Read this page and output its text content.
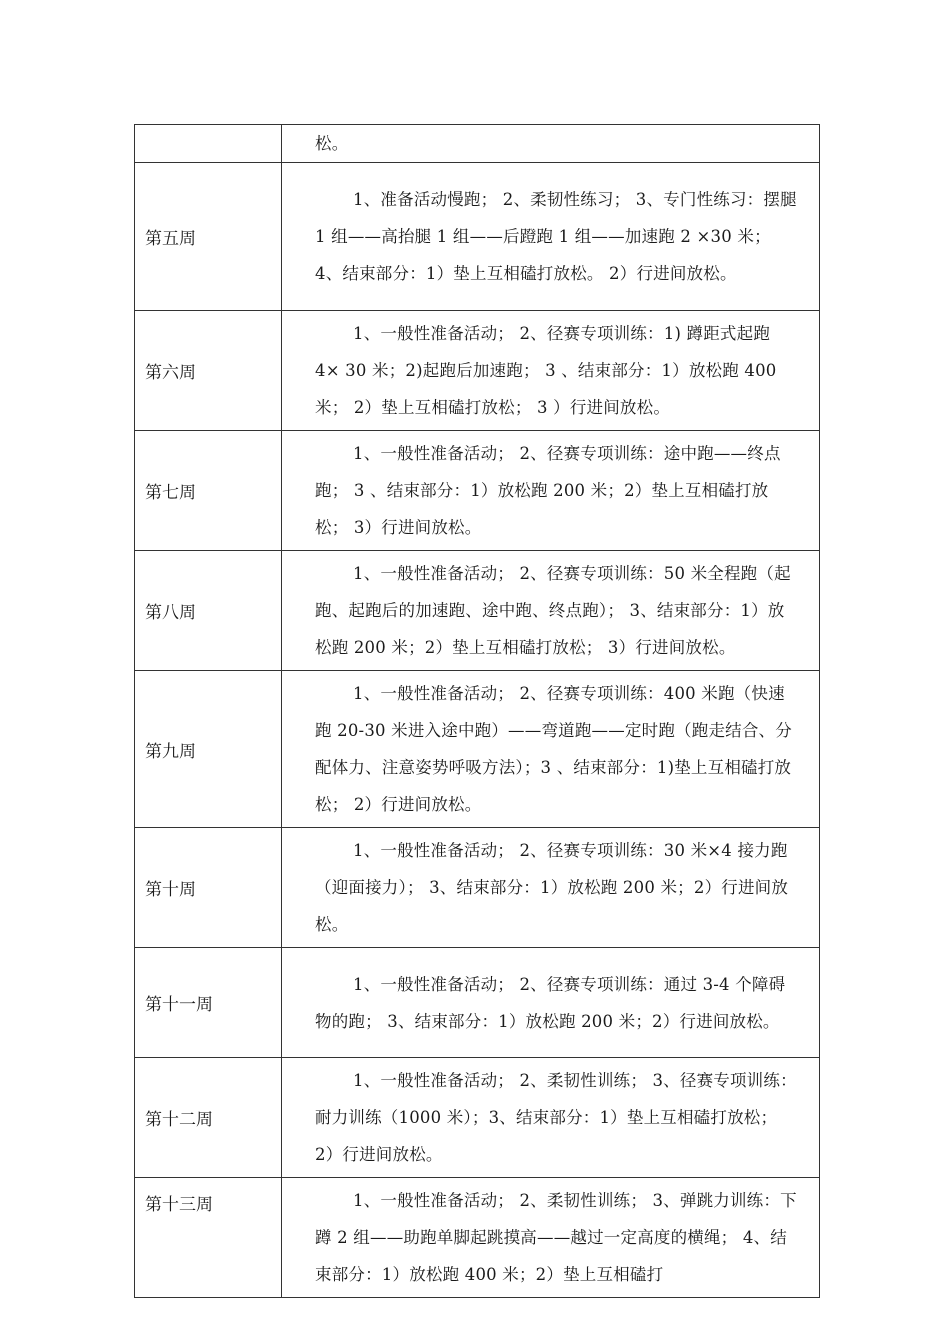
	松。
第五周	1、准备活动慢跑； 2、柔韧性练习； 3、专门性练习：摆腿 1 组——高抬腿 1 组——后蹬跑 1 组——加速跑 2 ×30 米； 4、结束部分：1）垫上互相磕打放松。 2）行进间放松。
第六周	1、一般性准备活动； 2、径赛专项训练：1) 蹲距式起跑 4× 30 米；2)起跑后加速跑； 3 、结束部分：1）放松跑 400 米； 2）垫上互相磕打放松； 3 ）行进间放松。
第七周	1、一般性准备活动； 2、径赛专项训练：途中跑——终点跑； 3 、结束部分：1）放松跑 200 米；2）垫上互相磕打放松； 3）行进间放松。
第八周	1、一般性准备活动； 2、径赛专项训练：50 米全程跑（起跑、起跑后的加速跑、途中跑、终点跑）； 3、结束部分：1）放松跑 200 米；2）垫上互相磕打放松； 3）行进间放松。
第九周	1、一般性准备活动； 2、径赛专项训练：400 米跑（快速跑 20-30 米进入途中跑）——弯道跑——定时跑（跑走结合、分配体力、注意姿势呼吸方法）；3 、结束部分：1)垫上互相磕打放松； 2）行进间放松。
第十周	1、一般性准备活动； 2、径赛专项训练：30 米×4 接力跑（迎面接力）； 3、结束部分：1）放松跑 200 米；2）行进间放松。
第十一周	1、一般性准备活动； 2、径赛专项训练：通过 3-4 个障碍物的跑； 3、结束部分：1）放松跑 200 米；2）行进间放松。
第十二周	1、一般性准备活动； 2、柔韧性训练； 3、径赛专项训练：耐力训练（1000 米）；3、结束部分：1）垫上互相磕打放松； 2）行进间放松。
第十三周	1、一般性准备活动； 2、柔韧性训练； 3、弹跳力训练：下蹲 2 组——助跑单脚起跳摸高——越过一定高度的横绳； 4、结束部分：1）放松跑 400 米；2）垫上互相磕打
